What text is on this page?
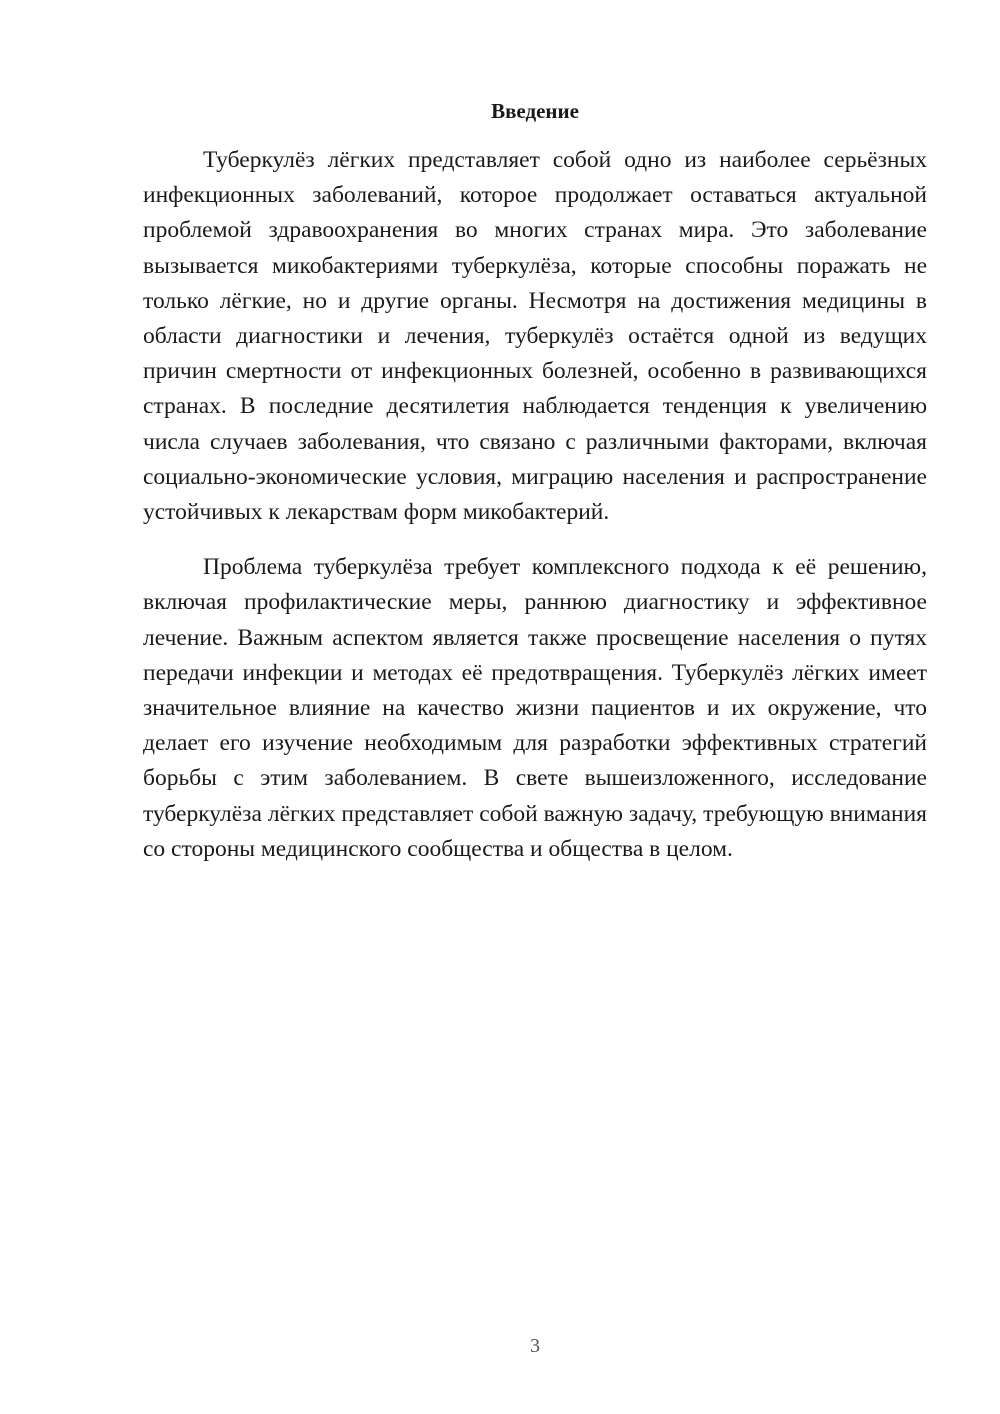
Введение

Туберкулёз лёгких представляет собой одно из наиболее серьёзных инфекционных заболеваний, которое продолжает оставаться актуальной проблемой здравоохранения во многих странах мира. Это заболевание вызывается микобактериями туберкулёза, которые способны поражать не только лёгкие, но и другие органы. Несмотря на достижения медицины в области диагностики и лечения, туберкулёз остаётся одной из ведущих причин смертности от инфекционных болезней, особенно в развивающихся странах. В последние десятилетия наблюдается тенденция к увеличению числа случаев заболевания, что связано с различными факторами, включая социально-экономические условия, миграцию населения и распространение устойчивых к лекарствам форм микобактерий.

Проблема туберкулёза требует комплексного подхода к её решению, включая профилактические меры, раннюю диагностику и эффективное лечение. Важным аспектом является также просвещение населения о путях передачи инфекции и методах её предотвращения. Туберкулёз лёгких имеет значительное влияние на качество жизни пациентов и их окружение, что делает его изучение необходимым для разработки эффективных стратегий борьбы с этим заболеванием. В свете вышеизложенного, исследование туберкулёза лёгких представляет собой важную задачу, требующую внимания со стороны медицинского сообщества и общества в целом.

3
